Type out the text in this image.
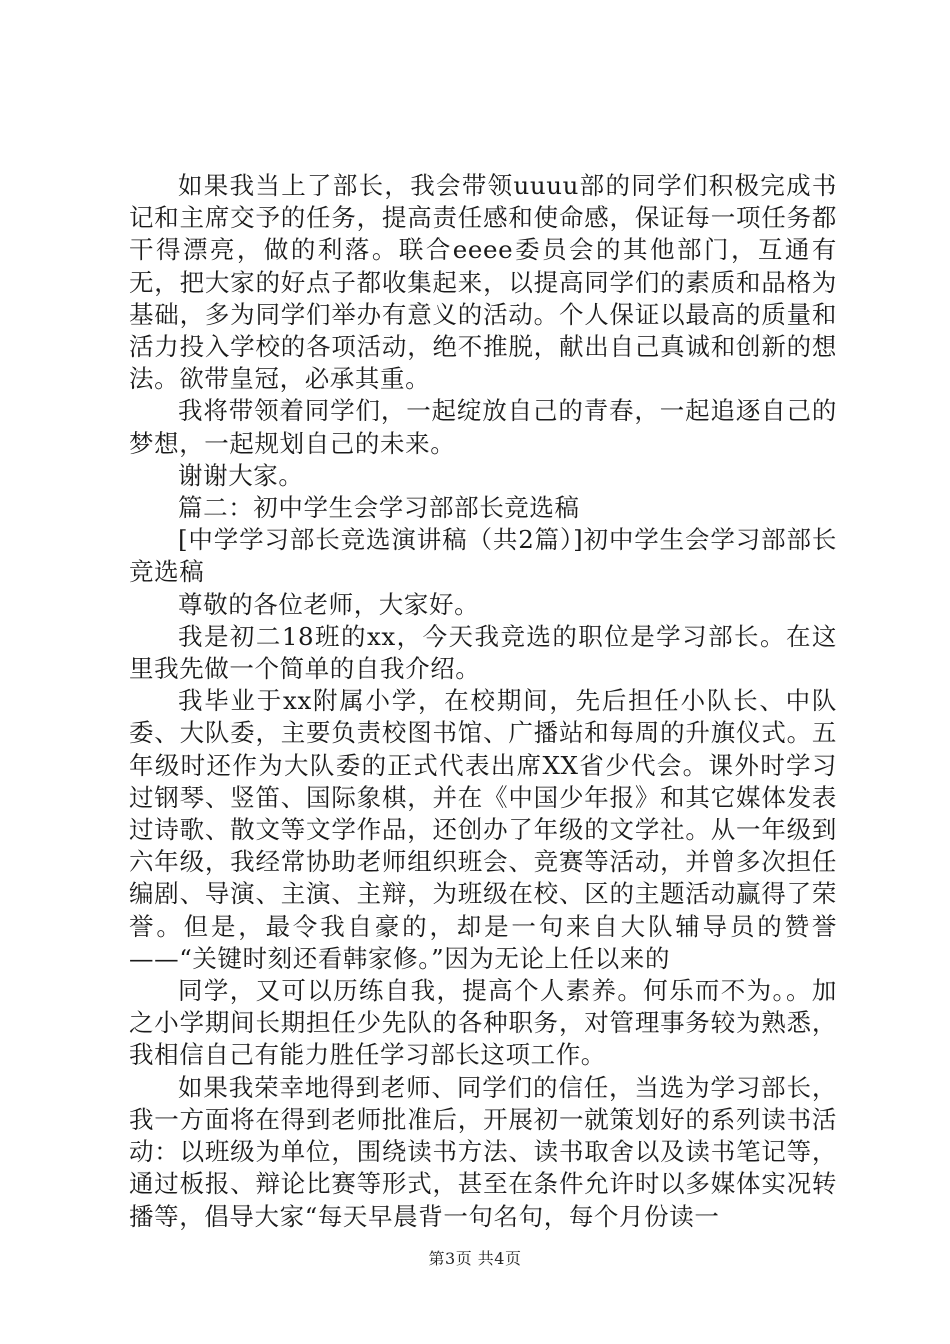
如果我当上了部长，我会带领uuuu部的同学们积极完成书记和主席交予的任务，提高责任感和使命感，保证每一项任务都干得漂亮，做的利落。联合eeee委员会的其他部门，互通有无，把大家的好点子都收集起来，以提高同学们的素质和品格为基础，多为同学们举办有意义的活动。个人保证以最高的质量和活力投入学校的各项活动，绝不推脱，献出自己真诚和创新的想法。欲带皇冠，必承其重。

我将带领着同学们，一起绽放自己的青春，一起追逐自己的梦想，一起规划自己的未来。

谢谢大家。

篇二：初中学生会学习部部长竞选稿

[中学学习部长竞选演讲稿（共2篇）]初中学生会学习部部长竞选稿

尊敬的各位老师，大家好。

我是初二18班的xx，今天我竞选的职位是学习部长。在这里我先做一个简单的自我介绍。

我毕业于xx附属小学，在校期间，先后担任小队长、中队委、大队委，主要负责校图书馆、广播站和每周的升旗仪式。五年级时还作为大队委的正式代表出席XX省少代会。课外时学习过钢琴、竖笛、国际象棋，并在《中国少年报》和其它媒体发表过诗歌、散文等文学作品，还创办了年级的文学社。从一年级到六年级，我经常协助老师组织班会、竞赛等活动，并曾多次担任编剧、导演、主演、主辩，为班级在校、区的主题活动赢得了荣誉。但是，最令我自豪的，却是一句来自大队辅导员的赞誉——“关键时刻还看韩家修。”因为无论上任以来的

同学，又可以历练自我，提高个人素养。何乐而不为。。加之小学期间长期担任少先队的各种职务，对管理事务较为熟悉，我相信自己有能力胜任学习部长这项工作。

如果我荣幸地得到老师、同学们的信任，当选为学习部长，我一方面将在得到老师批准后，开展初一就策划好的系列读书活动：以班级为单位，围绕读书方法、读书取舍以及读书笔记等，通过板报、辩论比赛等形式，甚至在条件允许时以多媒体实况转播等，倡导大家“每天早晨背一句名句，每个月份读一

第3页 共4页
